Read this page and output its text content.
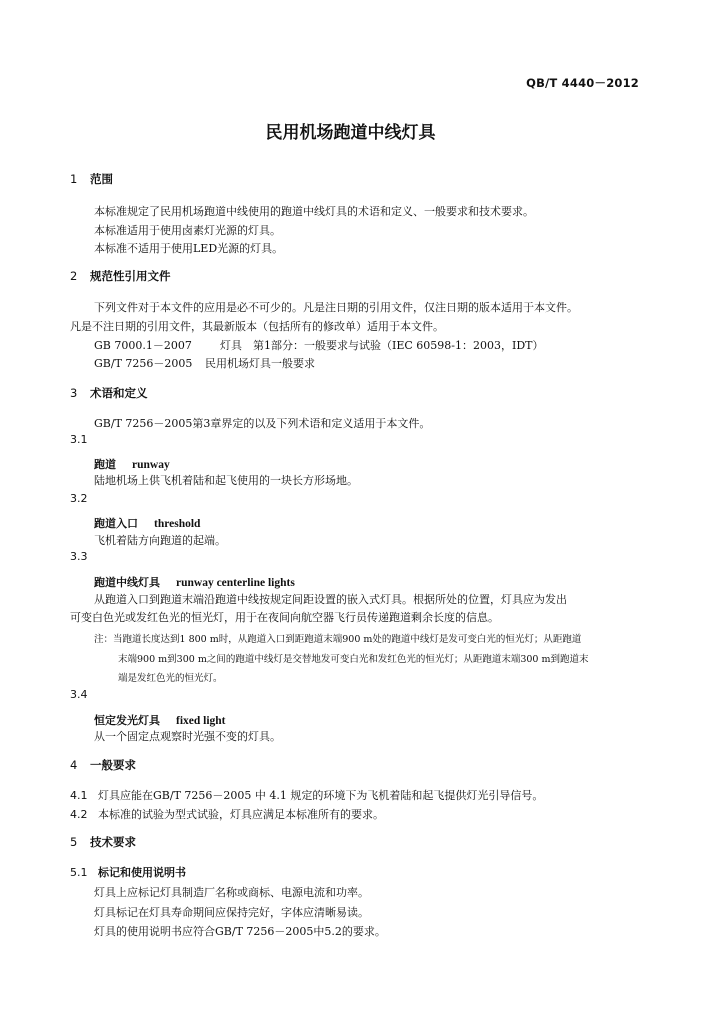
QB/T 4440－2012
民用机场跑道中线灯具
1 范围
本标准规定了民用机场跑道中线使用的跑道中线灯具的术语和定义、一般要求和技术要求。
本标准适用于使用卤素灯光源的灯具。
本标准不适用于使用LED光源的灯具。
2 规范性引用文件
下列文件对于本文件的应用是必不可少的。凡是注日期的引用文件，仅注日期的版本适用于本文件。
凡是不注日期的引用文件，其最新版本（包括所有的修改单）适用于本文件。
GB 7000.1－2007	灯具　第1部分：一般要求与试验（IEC 60598-1：2003，IDT）
GB/T 7256－2005 民用机场灯具一般要求
3 术语和定义
GB/T 7256－2005第3章界定的以及下列术语和定义适用于本文件。
3.1
跑道 runway
陆地机场上供飞机着陆和起飞使用的一块长方形场地。
3.2
跑道入口 threshold
飞机着陆方向跑道的起端。
3.3
跑道中线灯具 runway centerline lights
从跑道入口到跑道末端沿跑道中线按规定间距设置的嵌入式灯具。根据所处的位置，灯具应为发出
可变白色光或发红色光的恒光灯，用于在夜间向航空器飞行员传递跑道剩余长度的信息。
注：当跑道长度达到1 800 m时，从跑道入口到距跑道末端900 m处的跑道中线灯是发可变白光的恒光灯；从距跑道
末端900 m到300 m之间的跑道中线灯是交替地发可变白光和发红色光的恒光灯；从距跑道末端300 m到跑道末
端是发红色光的恒光灯。
3.4
恒定发光灯具 fixed light
从一个固定点观察时光强不变的灯具。
4 一般要求
4.1 灯具应能在GB/T 7256－2005 中 4.1 规定的环境下为飞机着陆和起飞提供灯光引导信号。
4.2 本标准的试验为型式试验，灯具应满足本标准所有的要求。
5 技术要求
5.1 标记和使用说明书
灯具上应标记灯具制造厂名称或商标、电源电流和功率。
灯具标记在灯具寿命期间应保持完好，字体应清晰易读。
灯具的使用说明书应符合GB/T 7256－2005中5.2的要求。
